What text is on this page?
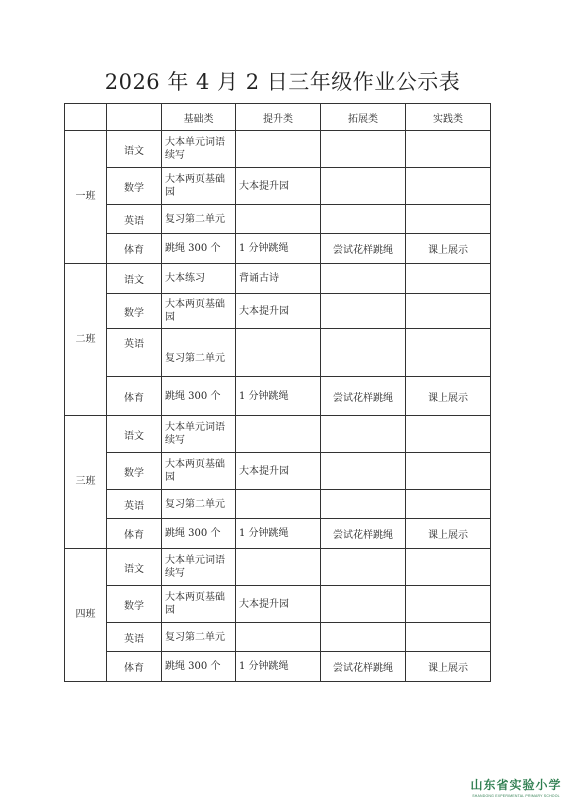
2026 年 4 月 2 日三年级作业公示表
		基础类	提升类	拓展类	实践类
一班	语文	大本单元词语续写			
	数学	大本两页基础园	大本提升园		
	英语	复习第二单元			
	体育	跳绳 300 个	1 分钟跳绳	尝试花样跳绳	课上展示
二班	语文	大本练习	背诵古诗		
	数学	大本两页基础园	大本提升园		
	英语	复习第二单元			
	体育	跳绳 300 个	1 分钟跳绳	尝试花样跳绳	课上展示
三班	语文	大本单元词语续写			
	数学	大本两页基础园	大本提升园		
	英语	复习第二单元			
	体育	跳绳 300 个	1 分钟跳绳	尝试花样跳绳	课上展示
四班	语文	大本单元词语续写			
	数学	大本两页基础园	大本提升园		
	英语	复习第二单元			
	体育	跳绳 300 个	1 分钟跳绳	尝试花样跳绳	课上展示
山东省实验小学
SHANDONG EXPERIMENTAL PRIMARY SCHOOL
